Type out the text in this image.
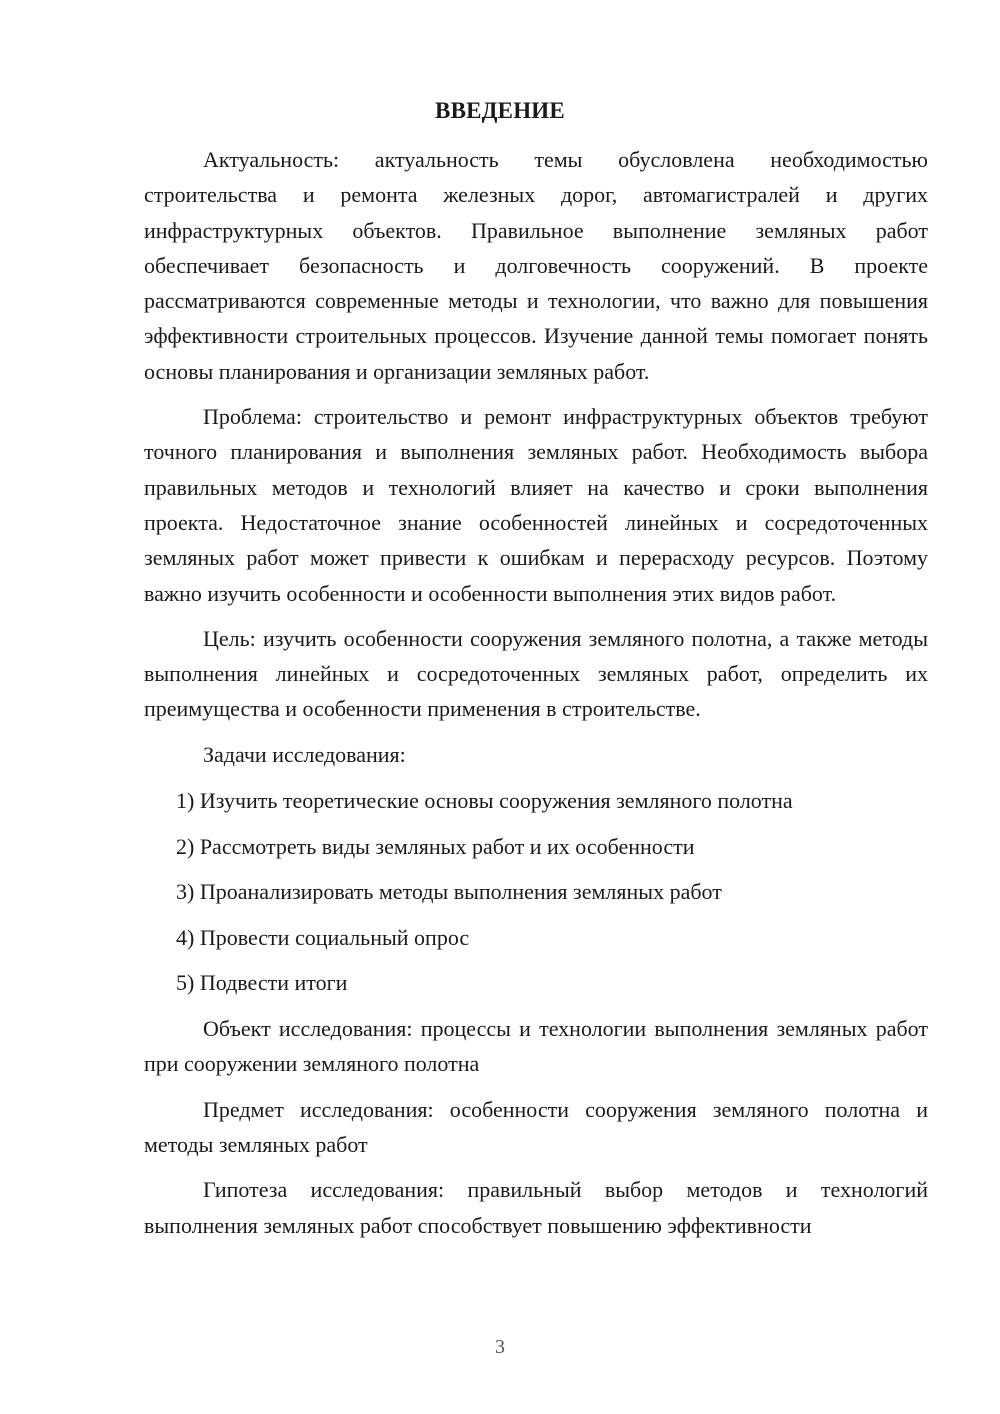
ВВЕДЕНИЕ

Актуальность: актуальность темы обусловлена необходимостью строительства и ремонта железных дорог, автомагистралей и других инфраструктурных объектов. Правильное выполнение земляных работ обеспечивает безопасность и долговечность сооружений. В проекте рассматриваются современные методы и технологии, что важно для повышения эффективности строительных процессов. Изучение данной темы помогает понять основы планирования и организации земляных работ.

Проблема: строительство и ремонт инфраструктурных объектов требуют точного планирования и выполнения земляных работ. Необходимость выбора правильных методов и технологий влияет на качество и сроки выполнения проекта. Недостаточное знание особенностей линейных и сосредоточенных земляных работ может привести к ошибкам и перерасходу ресурсов. Поэтому важно изучить особенности и особенности выполнения этих видов работ.

Цель: изучить особенности сооружения земляного полотна, а также методы выполнения линейных и сосредоточенных земляных работ, определить их преимущества и особенности применения в строительстве.

Задачи исследования:

1) Изучить теоретические основы сооружения земляного полотна
2) Рассмотреть виды земляных работ и их особенности
3) Проанализировать методы выполнения земляных работ
4) Провести социальный опрос
5) Подвести итоги

Объект исследования: процессы и технологии выполнения земляных работ при сооружении земляного полотна

Предмет исследования: особенности сооружения земляного полотна и методы земляных работ

Гипотеза исследования: правильный выбор методов и технологий выполнения земляных работ способствует повышению эффективности

3
